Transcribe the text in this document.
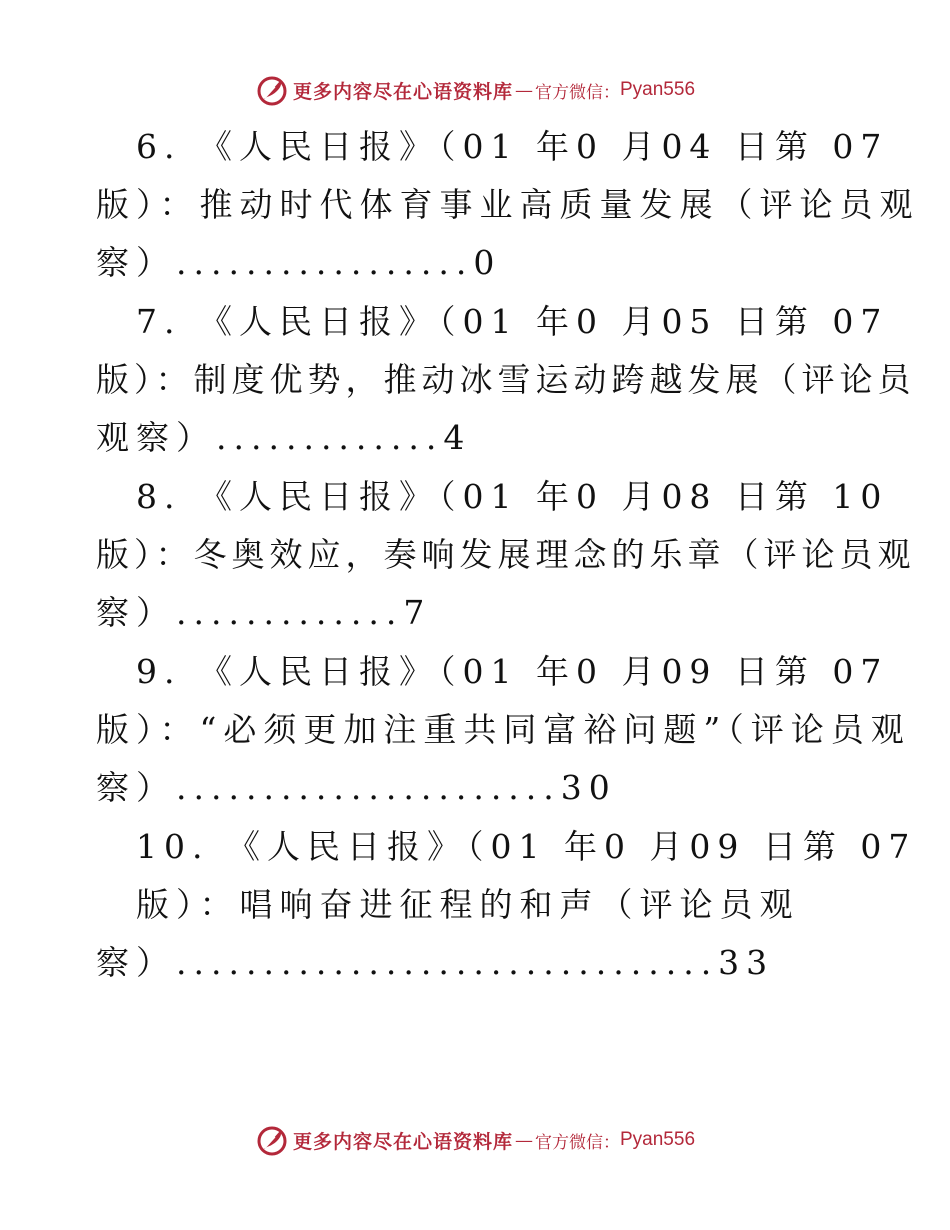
更多内容尽在心语资料库 — 官方微信： Pyan556
6. 《人民日报》（01 年0 月04 日第 07
版）：推动时代体育事业高质量发展（评论员观
察）.................0
7. 《人民日报》（01 年0 月05 日第 07
版）：制度优势，推动冰雪运动跨越发展（评论员
观察）.............4
8. 《人民日报》（01 年0 月08 日第 10
版）：冬奥效应，奏响发展理念的乐章（评论员观
察）.............7
9. 《人民日报》（01 年0 月09 日第 07
版）：“必须更加注重共同富裕问题”（评论员观
察）......................30
10. 《人民日报》（01 年0 月09 日第 07
版）：唱响奋进征程的和声（评论员观
察）...............................33
更多内容尽在心语资料库 — 官方微信： Pyan556
